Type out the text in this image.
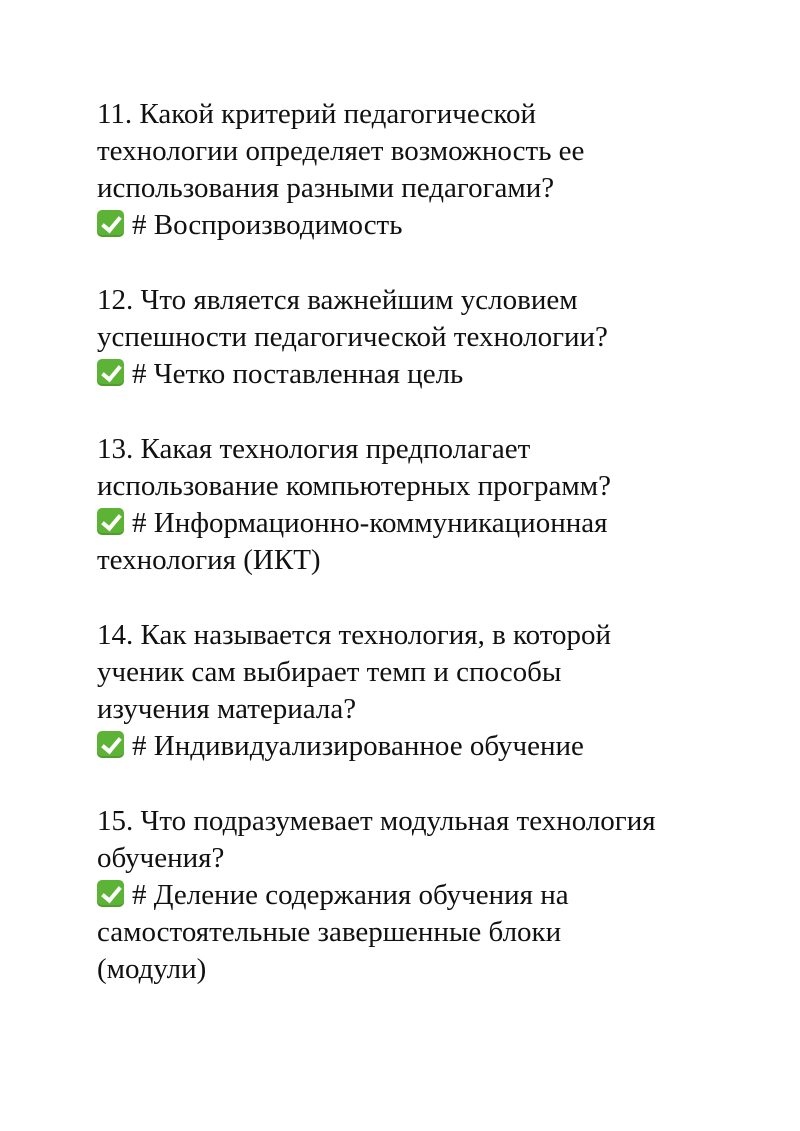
11. Какой критерий педагогической
технологии определяет возможность ее
использования разными педагогами?

# Воспроизводимость

12. Что является важнейшим условием
успешности педагогической технологии?

# Четко поставленная цель

13. Какая технология предполагает
использование компьютерных программ?

# Информационно-коммуникационная
технология (ИКТ)

14. Как называется технология, в которой
ученик сам выбирает темп и способы
изучения материала?

# Индивидуализированное обучение

15. Что подразумевает модульная технология
обучения?

# Деление содержания обучения на
самостоятельные завершенные блоки
(модули)
